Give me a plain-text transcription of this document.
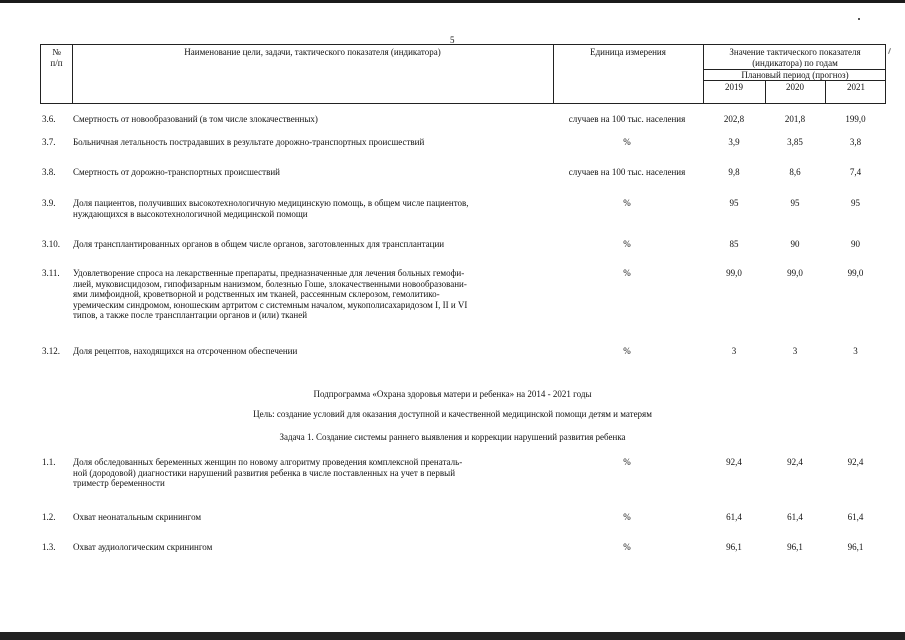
5
№
п/п
Наименование цели, задачи, тактического показателя (индикатора)	Единица измерения	Значение тактического показателя
(индикатора) по годам
Плановый период (прогноз)
2019	2020	2021
3.6. Смертность от новообразований (в том числе злокачественных)	случаев на 100 тыс. населения	202,8	201,8	199,0
3.7. Больничная летальность пострадавших в результате дорожно-транспортных происшествий	%	3,9	3,85	3,8
3.8. Смертность от дорожно-транспортных происшествий	случаев на 100 тыс. населения	9,8	8,6	7,4
3.9. Доля пациентов, получивших высокотехнологичную медицинскую помощь, в общем числе пациентов,
нуждающихся в высокотехнологичной медицинской помощи
%	95	95	95
3.10. Доля трансплантированных органов в общем числе органов, заготовленных для трансплантации	%	85	90	90
3.11. Удовлетворение спроса на лекарственные препараты, предназначенные для лечения больных гемофи-
лией, муковисцидозом, гипофизарным нанизмом, болезнью Гоше, злокачественными новообразовани-
ями лимфоидной, кроветворной и родственных им тканей, рассеянным склерозом, гемолитико-
уремическим синдромом, юношеским артритом с системным началом, мукополисахаридозом I, II и VI
типов, а также после трансплантации органов и (или) тканей
%	99,0	99,0	99,0
3.12. Доля рецептов, находящихся на отсроченном обеспечении	%	3	3	3
Подпрограмма «Охрана здоровья матери и ребенка» на 2014 - 2021 годы
Цель: создание условий для оказания доступной и качественной медицинской помощи детям и матерям
Задача 1. Создание системы раннего выявления и коррекции нарушений развития ребенка
1.1. Доля обследованных беременных женщин по новому алгоритму проведения комплексной пренаталь-
ной (дородовой) диагностики нарушений развития ребенка в числе поставленных на учет в первый
триместр беременности
%	92,4	92,4	92,4
1.2. Охват неонатальным скринингом	%	61,4	61,4	61,4
1.3. Охват аудиологическим скринингом	%	96,1	96,1	96,1
